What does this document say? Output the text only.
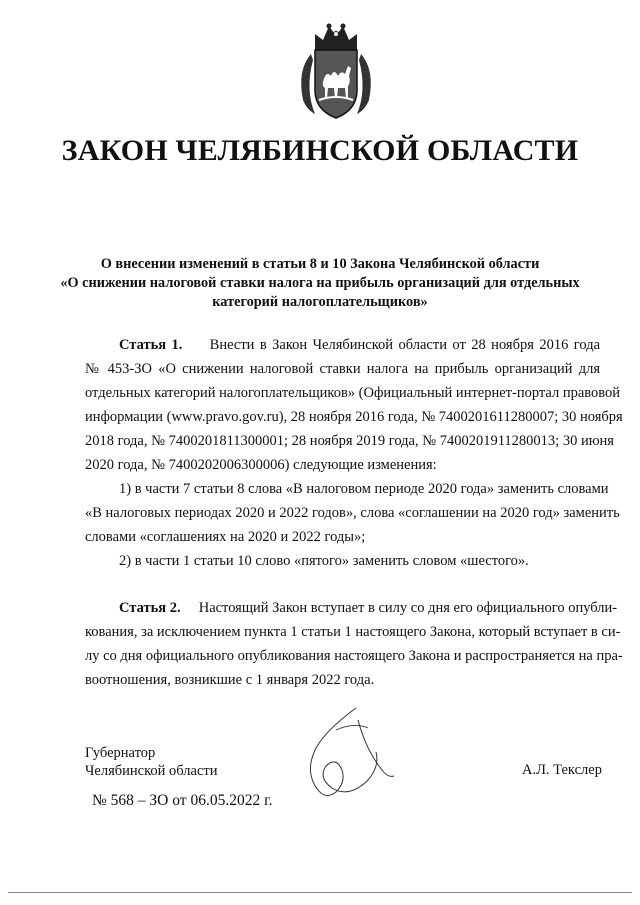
ЗАКОН ЧЕЛЯБИНСКОЙ ОБЛАСТИ
О внесении изменений в статьи 8 и 10 Закона Челябинской области
«О снижении налоговой ставки налога на прибыль организаций для отдельных
категорий налогоплательщиков»
Статья 1. Внести в Закон Челябинской области от 28 ноября 2016 года
№ 453-ЗО «О снижении налоговой ставки налога на прибыль организаций для
отдельных категорий налогоплательщиков» (Официальный интернет-портал правовой
информации (www.pravo.gov.ru), 28 ноября 2016 года, № 7400201611280007; 30 ноября
2018 года, № 7400201811300001; 28 ноября 2019 года, № 7400201911280013; 30 июня
2020 года, № 7400202006300006) следующие изменения:
1) в части 7 статьи 8 слова «В налоговом периоде 2020 года» заменить словами
«В налоговых периодах 2020 и 2022 годов», слова «соглашении на 2020 год» заменить
словами «соглашениях на 2020 и 2022 годы»;
2) в части 1 статьи 10 слово «пятого» заменить словом «шестого».
Статья 2. Настоящий Закон вступает в силу со дня его официального опубли-
кования, за исключением пункта 1 статьи 1 настоящего Закона, который вступает в си-
лу со дня официального опубликования настоящего Закона и распространяется на пра-
воотношения, возникшие с 1 января 2022 года.
Губернатор
Челябинской области	А.Л. Текслер
№ 568 – ЗО от 06.05.2022 г.
